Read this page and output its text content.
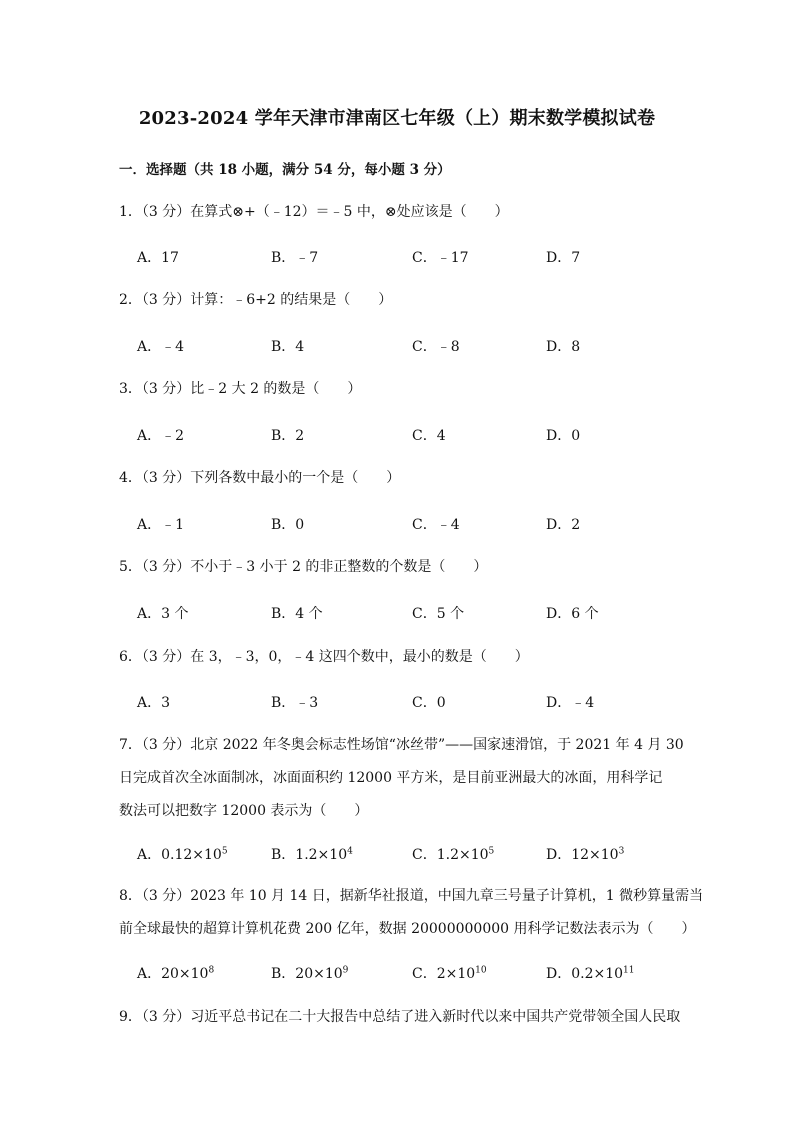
2023-2024 学年天津市津南区七年级（上）期末数学模拟试卷
一．选择题（共 18 小题，满分 54 分，每小题 3 分）
1．（3 分）在算式⊗+（﹣12）＝﹣5 中，⊗处应该是（　　）
A．17	B．﹣7	C．﹣17	D．7
2．（3 分）计算：﹣6+2 的结果是（　　）
A．﹣4	B．4	C．﹣8	D．8
3．（3 分）比﹣2 大 2 的数是（　　）
A．﹣2	B．2	C．4	D．0
4．（3 分）下列各数中最小的一个是（　　）
A．﹣1	B．0	C．﹣4	D．2
5．（3 分）不小于﹣3 小于 2 的非正整数的个数是（　　）
A．3 个	B．4 个	C．5 个	D．6 个
6．（3 分）在 3，﹣3，0，﹣4 这四个数中，最小的数是（　　）
A．3	B．﹣3	C．0	D．﹣4
7．（3 分）北京 2022 年冬奥会标志性场馆“冰丝带”——国家速滑馆，于 2021 年 4 月 30
日完成首次全冰面制冰，冰面面积约 12000 平方米，是目前亚洲最大的冰面，用科学记
数法可以把数字 12000 表示为（　　）
A．$0.12\times 10^5$	B．$1.2\times 10^4$	C．$1.2\times 10^5$	D．$12\times 10^3$
8．（3 分）2023 年 10 月 14 日，据新华社报道，中国九章三号量子计算机，1 微秒算量需当
前全球最快的超算计算机花费 200 亿年，数据 20000000000 用科学记数法表示为（　　）
A．$20\times 10^8$	B．$20\times 10^9$	C．$2\times 10^{10}$	D．$0.2\times 10^{11}$
9．（3 分）习近平总书记在二十大报告中总结了进入新时代以来中国共产党带领全国人民取
